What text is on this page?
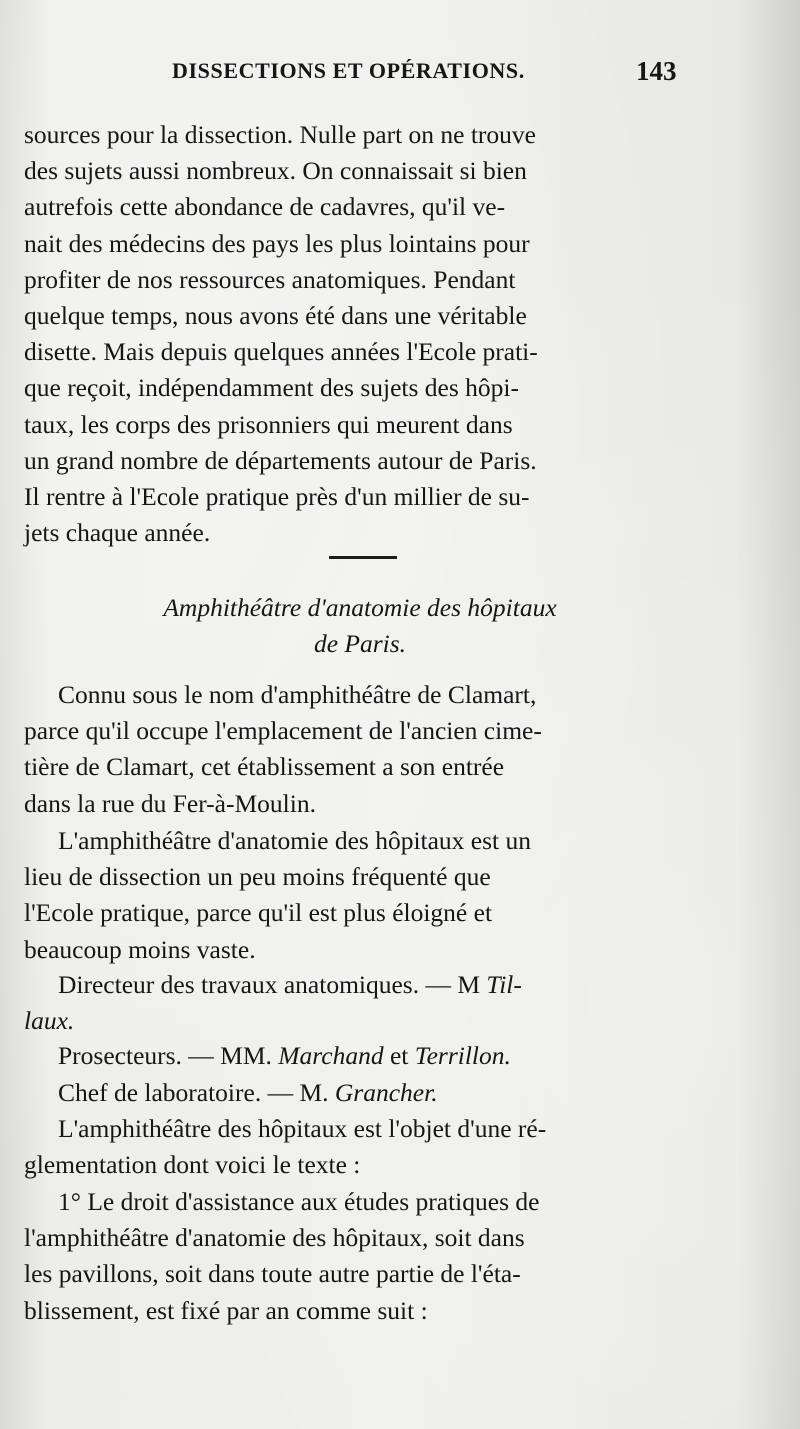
DISSECTIONS ET OPÉRATIONS.	143
sources pour la dissection. Nulle part on ne trouve
des sujets aussi nombreux. On connaissait si bien
autrefois cette abondance de cadavres, qu'il ve-
nait des médecins des pays les plus lointains pour
profiter de nos ressources anatomiques. Pendant
quelque temps, nous avons été dans une véritable
disette. Mais depuis quelques années l'Ecole prati-
que reçoit, indépendamment des sujets des hôpi-
taux, les corps des prisonniers qui meurent dans
un grand nombre de départements autour de Paris.
Il rentre à l'Ecole pratique près d'un millier de su-
jets chaque année.
Amphithéâtre d'anatomie des hôpitaux
de Paris.
Connu sous le nom d'amphithéâtre de Clamart,
parce qu'il occupe l'emplacement de l'ancien cime-
tière de Clamart, cet établissement a son entrée
dans la rue du Fer-à-Moulin.
L'amphithéâtre d'anatomie des hôpitaux est un
lieu de dissection un peu moins fréquenté que
l'Ecole pratique, parce qu'il est plus éloigné et
beaucoup moins vaste.
Directeur des travaux anatomiques. — M Til-
laux.
Prosecteurs. — MM. Marchand et Terrillon.
Chef de laboratoire. — M. Grancher.
L'amphithéâtre des hôpitaux est l'objet d'une ré-
glementation dont voici le texte :
1° Le droit d'assistance aux études pratiques de
l'amphithéâtre d'anatomie des hôpitaux, soit dans
les pavillons, soit dans toute autre partie de l'éta-
blissement, est fixé par an comme suit :
